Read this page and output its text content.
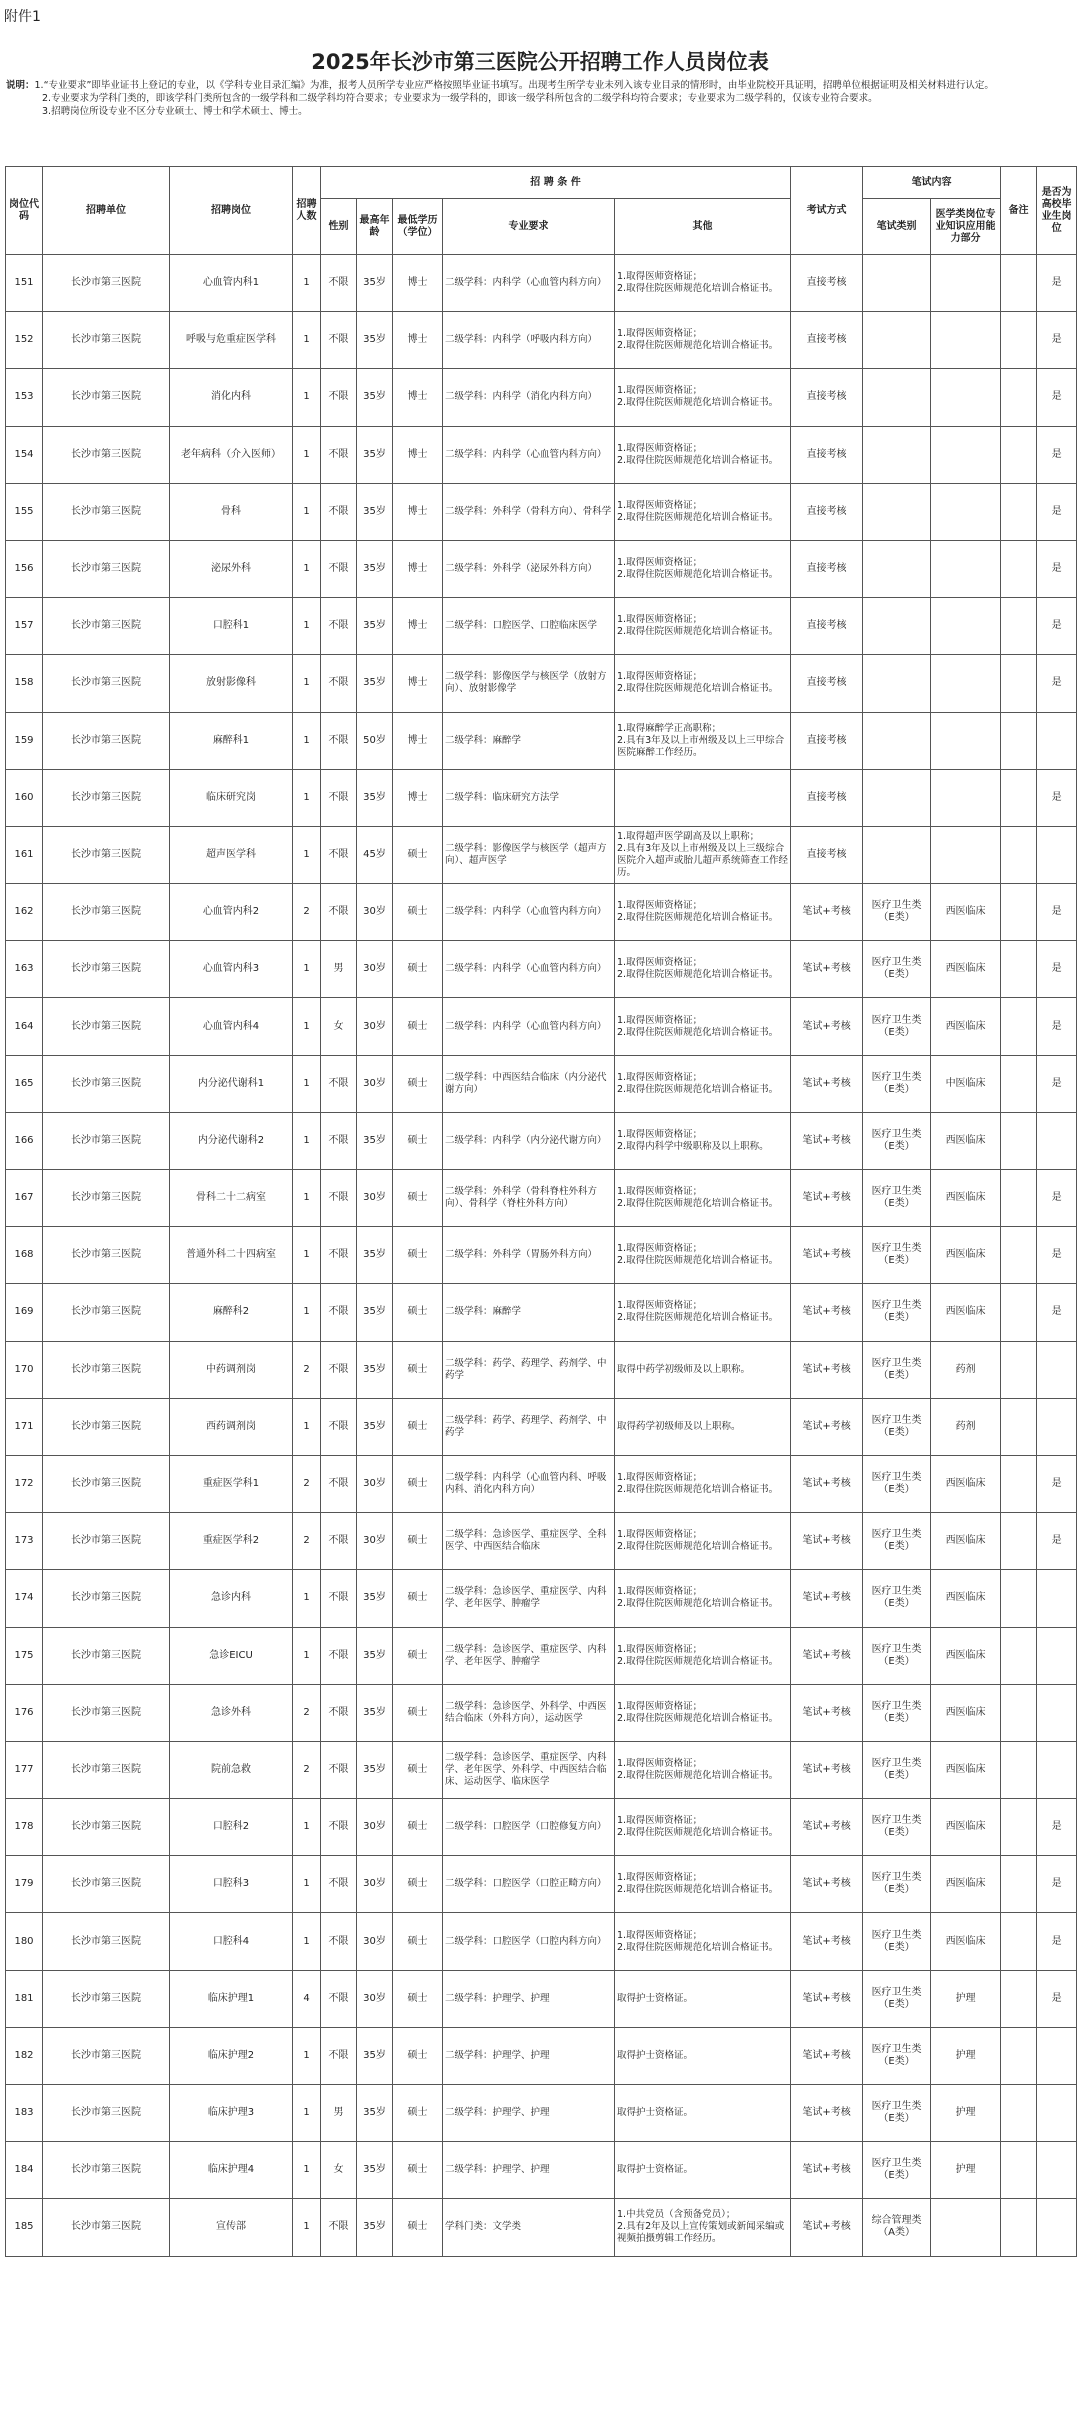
附件1
2025年长沙市第三医院公开招聘工作人员岗位表
说明：1.“专业要求”即毕业证书上登记的专业，以《学科专业目录汇编》为准，报考人员所学专业应严格按照毕业证书填写。出现考生所学专业未列入该专业目录的情形时，由毕业院校开具证明，招聘单位根据证明及相关材料进行认定。
2.专业要求为学科门类的，即该学科门类所包含的一级学科和二级学科均符合要求；专业要求为一级学科的，即该一级学科所包含的二级学科均符合要求；专业要求为二级学科的，仅该专业符合要求。
3.招聘岗位所设专业不区分专业硕士、博士和学术硕士、博士。
岗位代码	招聘单位	招聘岗位	招聘人数	招 聘 条 件					考试方式	笔试内容		备注	是否为高校毕业生岗位
				性别	最高年龄	最低学历（学位）	专业要求	其他		笔试类别	医学类岗位专业知识应用能力部分		
151	长沙市第三医院	心血管内科1	1	不限	35岁	博士	二级学科：内科学（心血管内科方向）	1.取得医师资格证；
2.取得住院医师规范化培训合格证书。	直接考核				是
152	长沙市第三医院	呼吸与危重症医学科	1	不限	35岁	博士	二级学科：内科学（呼吸内科方向）	1.取得医师资格证；
2.取得住院医师规范化培训合格证书。	直接考核				是
153	长沙市第三医院	消化内科	1	不限	35岁	博士	二级学科：内科学（消化内科方向）	1.取得医师资格证；
2.取得住院医师规范化培训合格证书。	直接考核				是
154	长沙市第三医院	老年病科（介入医师）	1	不限	35岁	博士	二级学科：内科学（心血管内科方向）	1.取得医师资格证；
2.取得住院医师规范化培训合格证书。	直接考核				是
155	长沙市第三医院	骨科	1	不限	35岁	博士	二级学科：外科学（骨科方向）、骨科学	1.取得医师资格证；
2.取得住院医师规范化培训合格证书。	直接考核				是
156	长沙市第三医院	泌尿外科	1	不限	35岁	博士	二级学科：外科学（泌尿外科方向）	1.取得医师资格证；
2.取得住院医师规范化培训合格证书。	直接考核				是
157	长沙市第三医院	口腔科1	1	不限	35岁	博士	二级学科：口腔医学、口腔临床医学	1.取得医师资格证；
2.取得住院医师规范化培训合格证书。	直接考核				是
158	长沙市第三医院	放射影像科	1	不限	35岁	博士	二级学科：影像医学与核医学（放射方向）、放射影像学	1.取得医师资格证；
2.取得住院医师规范化培训合格证书。	直接考核				是
159	长沙市第三医院	麻醉科1	1	不限	50岁	博士	二级学科：麻醉学	1.取得麻醉学正高职称；
2.具有3年及以上市州级及以上三甲综合医院麻醉工作经历。	直接考核				
160	长沙市第三医院	临床研究岗	1	不限	35岁	博士	二级学科：临床研究方法学		直接考核				是
161	长沙市第三医院	超声医学科	1	不限	45岁	硕士	二级学科：影像医学与核医学（超声方向）、超声医学	1.取得超声医学副高及以上职称；
2.具有3年及以上市州级及以上三级综合医院介入超声或胎儿超声系统筛查工作经历。	直接考核				
162	长沙市第三医院	心血管内科2	2	不限	30岁	硕士	二级学科：内科学（心血管内科方向）	1.取得医师资格证；
2.取得住院医师规范化培训合格证书。	笔试+考核	医疗卫生类（E类）	西医临床		是
163	长沙市第三医院	心血管内科3	1	男	30岁	硕士	二级学科：内科学（心血管内科方向）	1.取得医师资格证；
2.取得住院医师规范化培训合格证书。	笔试+考核	医疗卫生类（E类）	西医临床		是
164	长沙市第三医院	心血管内科4	1	女	30岁	硕士	二级学科：内科学（心血管内科方向）	1.取得医师资格证；
2.取得住院医师规范化培训合格证书。	笔试+考核	医疗卫生类（E类）	西医临床		是
165	长沙市第三医院	内分泌代谢科1	1	不限	30岁	硕士	二级学科：中西医结合临床（内分泌代谢方向）	1.取得医师资格证；
2.取得住院医师规范化培训合格证书。	笔试+考核	医疗卫生类（E类）	中医临床		是
166	长沙市第三医院	内分泌代谢科2	1	不限	35岁	硕士	二级学科：内科学（内分泌代谢方向）	1.取得医师资格证；
2.取得内科学中级职称及以上职称。	笔试+考核	医疗卫生类（E类）	西医临床		
167	长沙市第三医院	骨科二十二病室	1	不限	30岁	硕士	二级学科：外科学（骨科脊柱外科方向）、骨科学（脊柱外科方向）	1.取得医师资格证；
2.取得住院医师规范化培训合格证书。	笔试+考核	医疗卫生类（E类）	西医临床		是
168	长沙市第三医院	普通外科二十四病室	1	不限	35岁	硕士	二级学科：外科学（胃肠外科方向）	1.取得医师资格证；
2.取得住院医师规范化培训合格证书。	笔试+考核	医疗卫生类（E类）	西医临床		是
169	长沙市第三医院	麻醉科2	1	不限	35岁	硕士	二级学科：麻醉学	1.取得医师资格证；
2.取得住院医师规范化培训合格证书。	笔试+考核	医疗卫生类（E类）	西医临床		是
170	长沙市第三医院	中药调剂岗	2	不限	35岁	硕士	二级学科：药学、药理学、药剂学、中药学	取得中药学初级师及以上职称。	笔试+考核	医疗卫生类（E类）	药剂		
171	长沙市第三医院	西药调剂岗	1	不限	35岁	硕士	二级学科：药学、药理学、药剂学、中药学	取得药学初级师及以上职称。	笔试+考核	医疗卫生类（E类）	药剂		
172	长沙市第三医院	重症医学科1	2	不限	30岁	硕士	二级学科：内科学（心血管内科、呼吸内科、消化内科方向）	1.取得医师资格证；
2.取得住院医师规范化培训合格证书。	笔试+考核	医疗卫生类（E类）	西医临床		是
173	长沙市第三医院	重症医学科2	2	不限	30岁	硕士	二级学科：急诊医学、重症医学、全科医学、中西医结合临床	1.取得医师资格证；
2.取得住院医师规范化培训合格证书。	笔试+考核	医疗卫生类（E类）	西医临床		是
174	长沙市第三医院	急诊内科	1	不限	35岁	硕士	二级学科：急诊医学、重症医学、内科学、老年医学、肿瘤学	1.取得医师资格证；
2.取得住院医师规范化培训合格证书。	笔试+考核	医疗卫生类（E类）	西医临床		
175	长沙市第三医院	急诊EICU	1	不限	35岁	硕士	二级学科：急诊医学、重症医学、内科学、老年医学、肿瘤学	1.取得医师资格证；
2.取得住院医师规范化培训合格证书。	笔试+考核	医疗卫生类（E类）	西医临床		
176	长沙市第三医院	急诊外科	2	不限	35岁	硕士	二级学科：急诊医学、外科学、中西医结合临床（外科方向），运动医学	1.取得医师资格证；
2.取得住院医师规范化培训合格证书。	笔试+考核	医疗卫生类（E类）	西医临床		
177	长沙市第三医院	院前急救	2	不限	35岁	硕士	二级学科：急诊医学、重症医学、内科学、老年医学、外科学、中西医结合临床、运动医学、临床医学	1.取得医师资格证；
2.取得住院医师规范化培训合格证书。	笔试+考核	医疗卫生类（E类）	西医临床		
178	长沙市第三医院	口腔科2	1	不限	30岁	硕士	二级学科：口腔医学（口腔修复方向）	1.取得医师资格证；
2.取得住院医师规范化培训合格证书。	笔试+考核	医疗卫生类（E类）	西医临床		是
179	长沙市第三医院	口腔科3	1	不限	30岁	硕士	二级学科：口腔医学（口腔正畸方向）	1.取得医师资格证；
2.取得住院医师规范化培训合格证书。	笔试+考核	医疗卫生类（E类）	西医临床		是
180	长沙市第三医院	口腔科4	1	不限	30岁	硕士	二级学科：口腔医学（口腔内科方向）	1.取得医师资格证；
2.取得住院医师规范化培训合格证书。	笔试+考核	医疗卫生类（E类）	西医临床		是
181	长沙市第三医院	临床护理1	4	不限	30岁	硕士	二级学科：护理学、护理	取得护士资格证。	笔试+考核	医疗卫生类（E类）	护理		是
182	长沙市第三医院	临床护理2	1	不限	35岁	硕士	二级学科：护理学、护理	取得护士资格证。	笔试+考核	医疗卫生类（E类）	护理		
183	长沙市第三医院	临床护理3	1	男	35岁	硕士	二级学科：护理学、护理	取得护士资格证。	笔试+考核	医疗卫生类（E类）	护理		
184	长沙市第三医院	临床护理4	1	女	35岁	硕士	二级学科：护理学、护理	取得护士资格证。	笔试+考核	医疗卫生类（E类）	护理		
185	长沙市第三医院	宣传部	1	不限	35岁	硕士	学科门类：文学类	1.中共党员（含预备党员）；
2.具有2年及以上宣传策划或新闻采编或视频拍摄剪辑工作经历。	笔试+考核	综合管理类（A类）			
